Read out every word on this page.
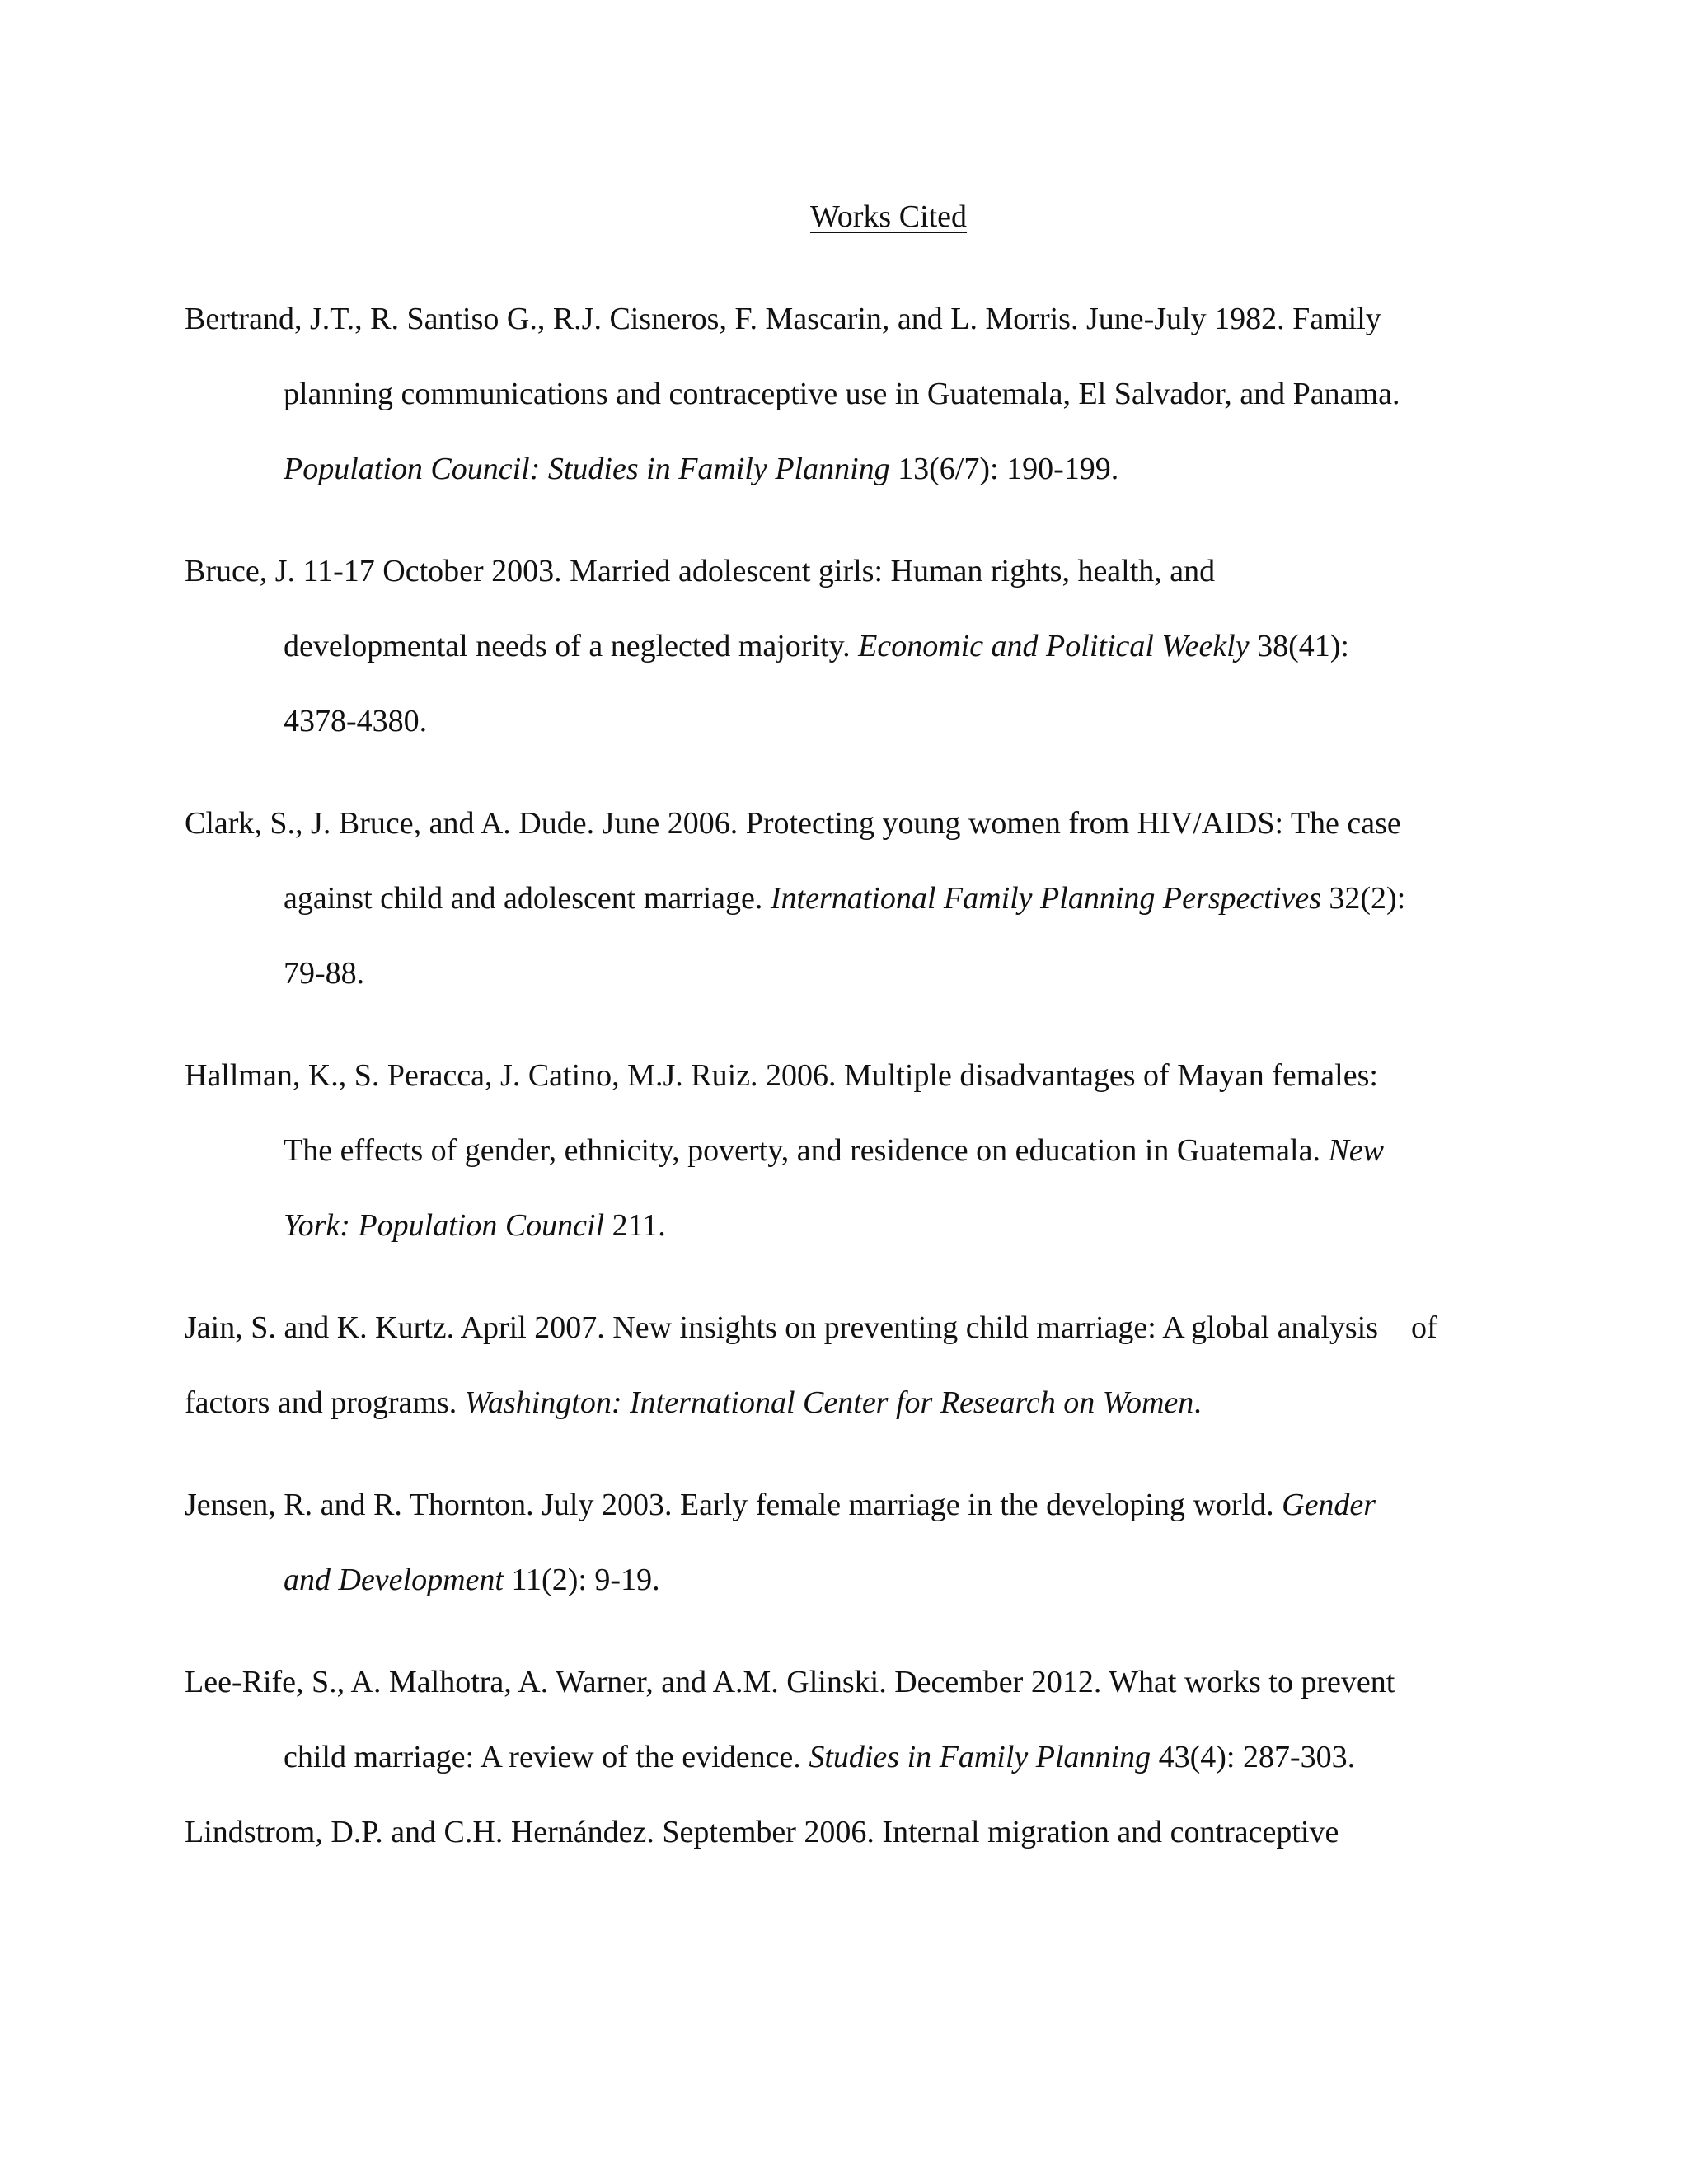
Works Cited
Bertrand, J.T., R. Santiso G., R.J. Cisneros, F. Mascarin, and L. Morris. June-July 1982. Family
planning communications and contraceptive use in Guatemala, El Salvador, and Panama.
Population Council: Studies in Family Planning 13(6/7): 190-199.
Bruce, J. 11-17 October 2003. Married adolescent girls: Human rights, health, and
developmental needs of a neglected majority. Economic and Political Weekly 38(41):
4378-4380.
Clark, S., J. Bruce, and A. Dude. June 2006. Protecting young women from HIV/AIDS: The case
against child and adolescent marriage. International Family Planning Perspectives 32(2):
79-88.
Hallman, K., S. Peracca, J. Catino, M.J. Ruiz. 2006. Multiple disadvantages of Mayan females:
The effects of gender, ethnicity, poverty, and residence on education in Guatemala. New
York: Population Council 211.
Jain, S. and K. Kurtz. April 2007. New insights on preventing child marriage: A global analysis of
factors and programs. Washington: International Center for Research on Women.
Jensen, R. and R. Thornton. July 2003. Early female marriage in the developing world. Gender
and Development 11(2): 9-19.
Lee-Rife, S., A. Malhotra, A. Warner, and A.M. Glinski. December 2012. What works to prevent
child marriage: A review of the evidence. Studies in Family Planning 43(4): 287-303.
Lindstrom, D.P. and C.H. Hernández. September 2006. Internal migration and contraceptive
